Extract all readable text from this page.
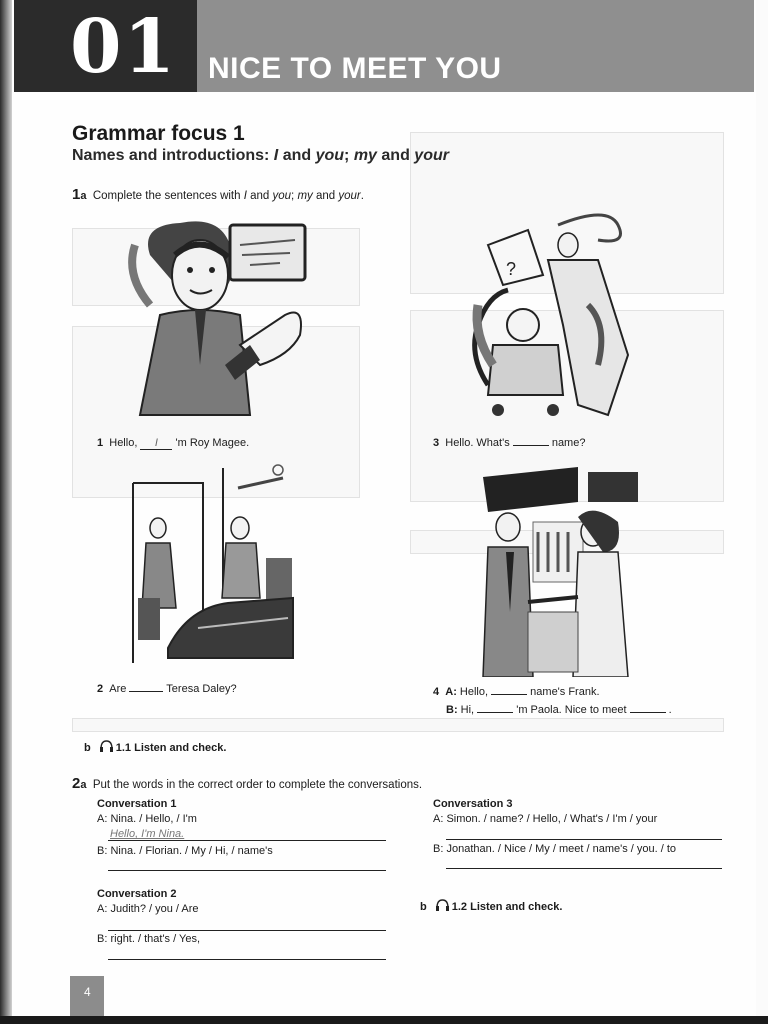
01 NICE TO MEET YOU
Grammar focus 1
Names and introductions: I and you; my and your
1a Complete the sentences with I and you; my and your.
?
1 Hello, I 'm Roy Magee.
2 Are	Teresa Daley?
3 Hello. What's	name?
4 A: Hello,	name's Frank.
B: Hi,	'm Paola. Nice to meet	.
b 1.1 Listen and check.
2a Put the words in the correct order to complete the conversations.
Conversation 1
A: Nina. / Hello, / I'm
Hello, I'm Nina.
B: Nina. / Florian. / My / Hi, / name's
Conversation 2
A: Judith? / you / Are
B: right. / that's / Yes,
Conversation 3
A: Simon. / name? / Hello, / What's / I'm / your
B: Jonathan. / Nice / My / meet / name's / you. / to
b 1.2 Listen and check.
4
